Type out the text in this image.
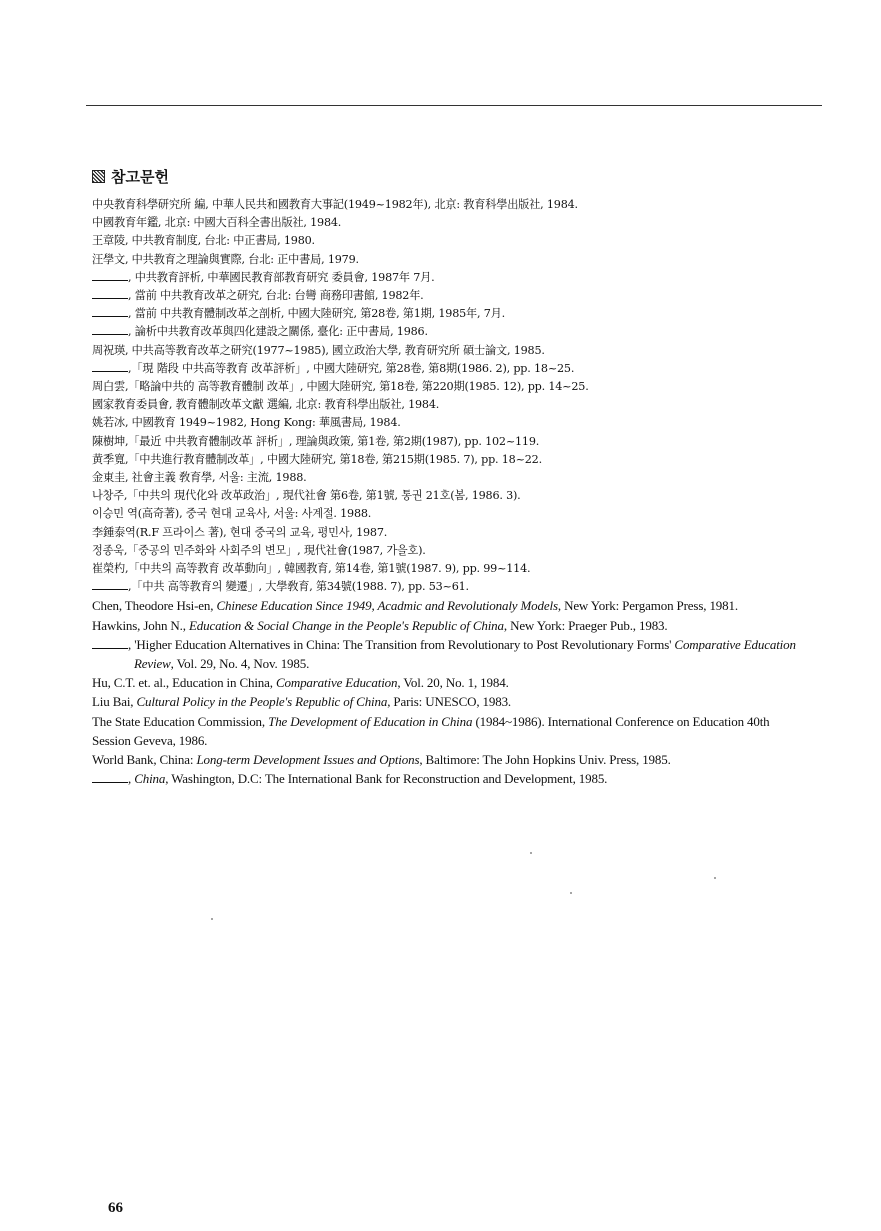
참고문헌
中央教育科學研究所 編, 中華人民共和國教育大事記(1949~1982年), 北京: 教育科學出版社, 1984.
中國教育年鑑, 北京: 中國大百科全書出版社, 1984.
王章陵, 中共教育制度, 台北: 中正書局, 1980.
汪學文, 中共教育之理論與實際, 台北: 正中書局, 1979.
, 中共教育評析, 中華國民教育部教育研究 委員會, 1987年 7月.
, 當前 中共教育改革之研究, 台北: 台彎 商務印書館, 1982年.
, 當前 中共教育體制改革之剖析, 中國大陸研究, 第28卷, 第1期, 1985年, 7月.
, 論析中共教育改革與四化建設之關係, 臺化: 正中書局, 1986.
周祝瑛, 中共高等教育改革之研究(1977~1985), 國立政治大學, 教育研究所 碩士論文, 1985.
,「現 階段 中共高等教育 改革評析」, 中國大陸研究, 第28卷, 第8期(1986. 2), pp. 18~25.
周白雲,「略論中共的 高等教育體制 改革」, 中國大陸研究, 第18卷, 第220期(1985. 12), pp. 14~25.
國家教育委員會, 教育體制改革文獻 選編, 北京: 教育科學出版社, 1984.
姚若冰, 中國教育 1949~1982, Hong Kong: 華風書局, 1984.
陳樹坤,「最近 中共教育體制改革 評析」, 理論與政策, 第1卷, 第2期(1987), pp. 102~119.
黄季寬,「中共進行教育體制改革」, 中國大陸研究, 第18卷, 第215期(1985. 7), pp. 18~22.
金東圭, 社會主義 敎育學, 서울: 主流, 1988.
나창주,「中共의 現代化와 改革政治」, 現代社會 第6卷, 第1號, 통권 21호(봄, 1986. 3).
이승민 역(高奇著), 중국 현대 교육사, 서울: 사계절. 1988.
李鍾泰역(R.F 프라이스 著), 현대 중국의 교육, 평민사, 1987.
정종욱,「중공의 민주화와 사회주의 변모」, 現代社會(1987, 가을호).
崔榮杓,「中共의 高等教育 改革動向」, 韓國教育, 第14卷, 第1號(1987. 9), pp. 99~114.
,「中共 高等教育의 變遷」, 大學敎育, 第34號(1988. 7), pp. 53~61.
Chen, Theodore Hsi-en, Chinese Education Since 1949, Acadmic and Revolutionaly Models, New York: Pergamon Press, 1981.
Hawkins, John N., Education & Social Change in the People's Republic of China, New York: Praeger Pub., 1983.
, 'Higher Education Alternatives in China: The Transition from Revolutionary to Post Revolutionary Forms' Comparative Education Review, Vol. 29, No. 4, Nov. 1985.
Hu, C.T. et. al., Education in China, Comparative Education, Vol. 20, No. 1, 1984.
Liu Bai, Cultural Policy in the People's Republic of China, Paris: UNESCO, 1983.
The State Education Commission, The Development of Education in China (1984~1986). International Conference on Education 40th Session Geveva, 1986.
World Bank, China: Long-term Development Issues and Options, Baltimore: The John Hopkins Univ. Press, 1985.
, China, Washington, D.C: The International Bank for Reconstruction and Development, 1985.
66
